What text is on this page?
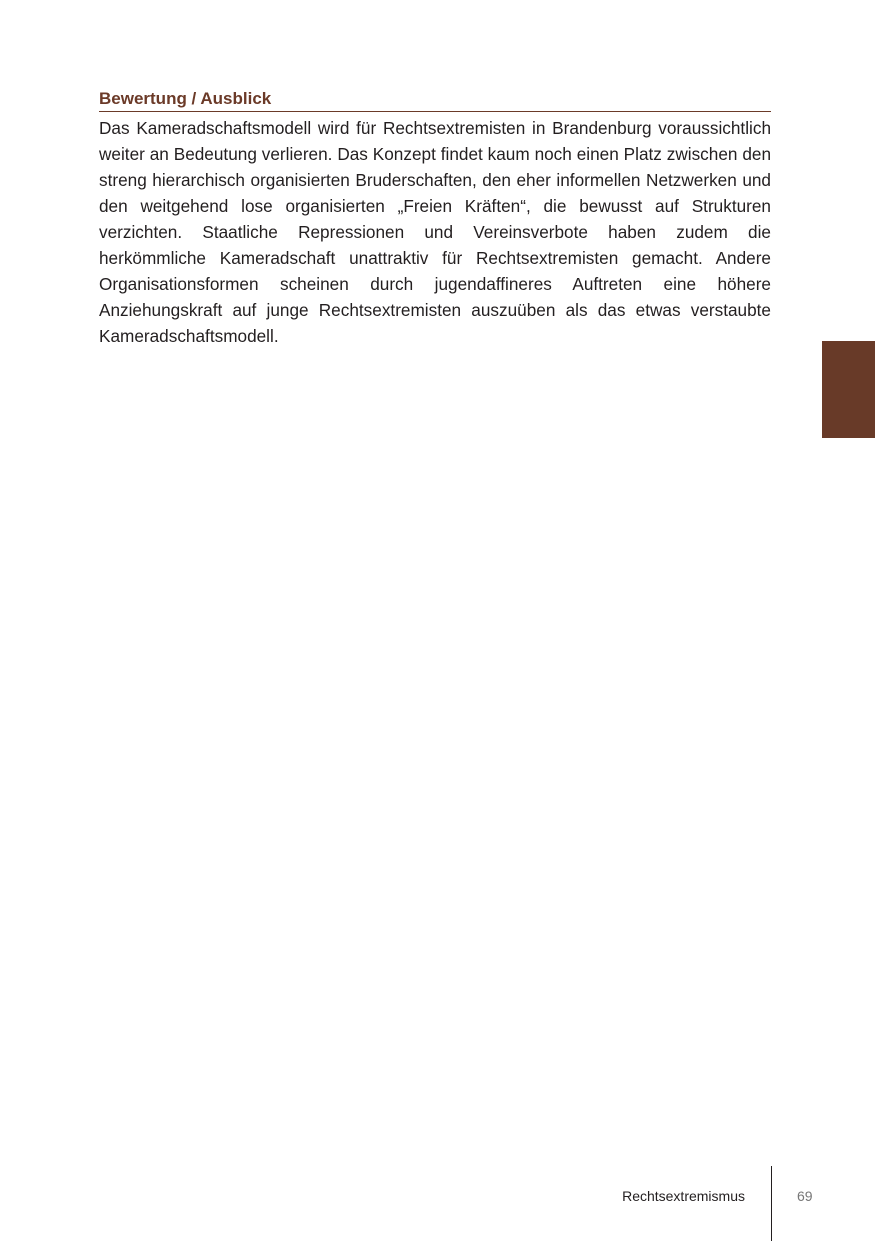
Bewertung / Ausblick

Das Kameradschaftsmodell wird für Rechtsextremisten in Brandenburg voraussichtlich weiter an Bedeutung verlieren. Das Konzept findet kaum noch einen Platz zwischen den streng hierarchisch organisierten Bruderschaften, den eher informellen Netzwerken und den weitgehend lose organisierten „Freien Kräften“, die bewusst auf Strukturen verzichten. Staatliche Repressionen und Vereinsverbote haben zudem die herkömmliche Kameradschaft unattraktiv für Rechtsextremisten gemacht. Andere Organisationsformen scheinen durch jugendaffineres Auftreten eine höhere Anziehungskraft auf junge Rechtsextremisten auszuüben als das etwas verstaubte Kameradschaftsmodell.

Rechtsextremismus	69
